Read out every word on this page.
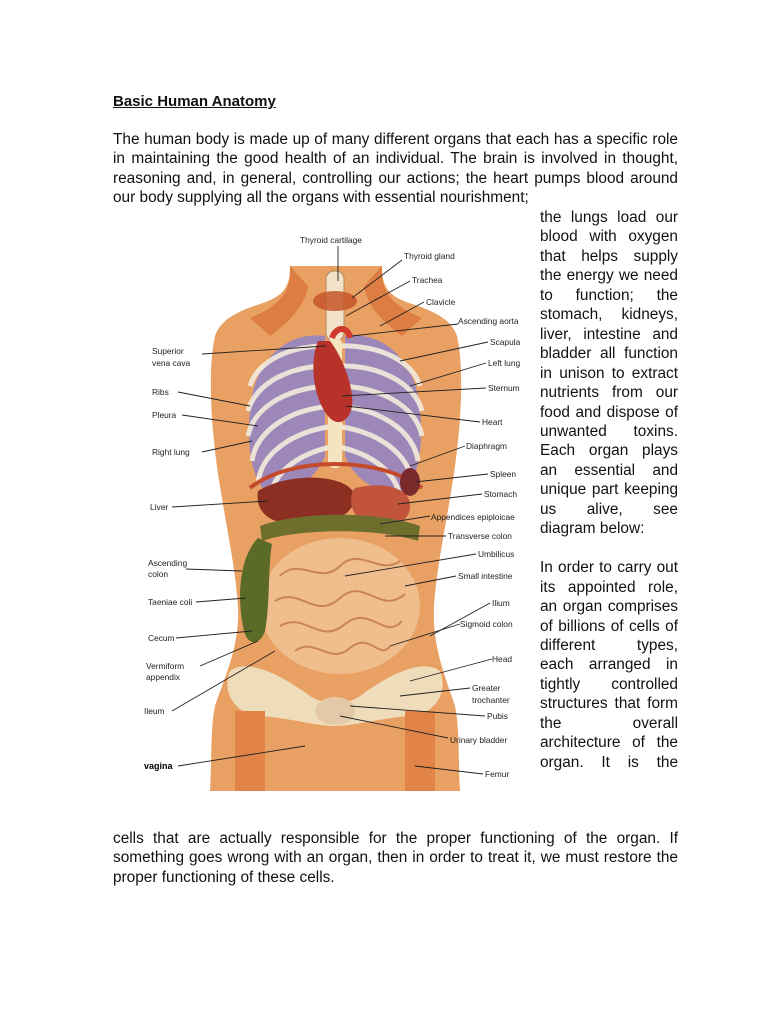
Basic Human Anatomy

The human body is made up of many different organs that each has a specific role in maintaining the good health of an individual. The brain is involved in thought, reasoning and, in general, controlling our actions; the heart pumps blood around our body supplying all the organs with essential nourishment;

the lungs load our blood with oxygen that helps supply the energy we need to function; the stomach, kidneys, liver, intestine and bladder all function in unison to extract nutrients from our food and dispose of unwanted toxins. Each organ plays an essential and unique part keeping us alive, see diagram below:

In order to carry out its appointed role, an organ comprises of billions of cells of different types, each arranged in tightly controlled structures that form the overall architecture of the organ. It is the

Thyroid cartilage
Thyroid gland
Trachea
Clavicle
Ascending aorta
Scapula
Left lung
Sternum
Heart
Diaphragm
Spleen
Stomach
Appendices epiploicae
Transverse colon
Umbilicus
Small intestine
Ilium
Sigmoid colon
Head
Greater
trochanter
Pubis
Urinary bladder
Femur
Superior
vena cava
Ribs
Pleura
Right lung
Liver
Ascending
colon
Taeniae coli
Cecum
Vermiform
appendix
Ileum
vagina

cells that are actually responsible for the proper functioning of the organ. If something goes wrong with an organ, then in order to treat it, we must restore the proper functioning of these cells.
